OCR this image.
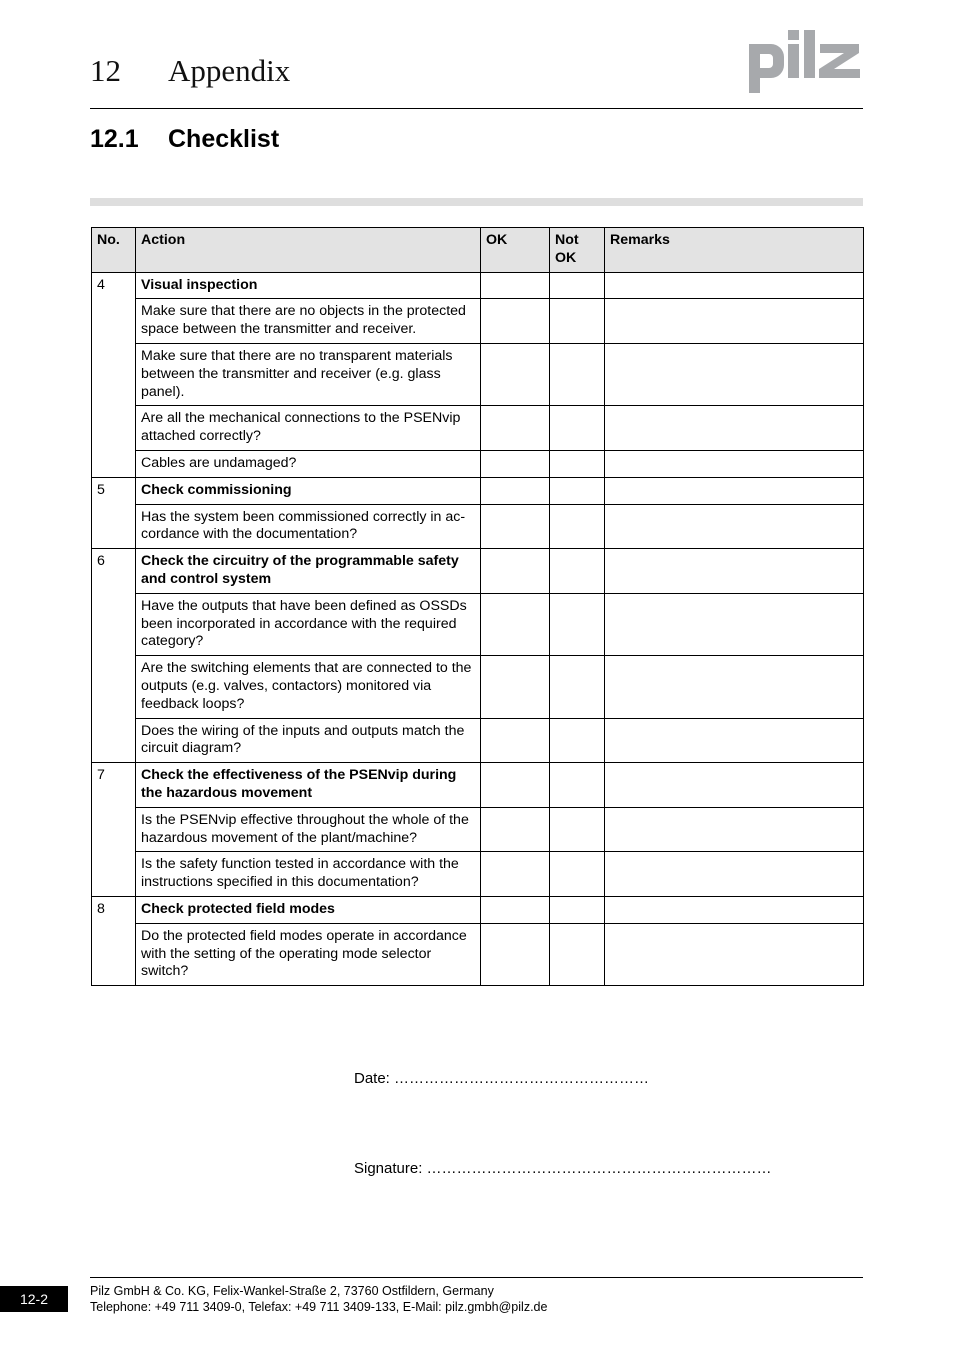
12 Appendix
12.1 Checklist
No.	Action	OK	Not OK	Remarks
4	Visual inspection			
	Make sure that there are no objects in the protected space between the transmitter and receiver.			
	Make sure that there are no transparent materials between the transmitter and receiver (e.g. glass panel).			
	Are all the mechanical connections to the PSENvip attached correctly?			
	Cables are undamaged?			
5	Check commissioning			
	Has the system been commissioned correctly in ac-cordance with the documentation?			
6	Check the circuitry of the programmable safety and control system			
	Have the outputs that have been defined as OSSDs been incorporated in accordance with the required category?			
	Are the switching elements that are connected to the outputs (e.g. valves, contactors) monitored via feedback loops?			
	Does the wiring of the inputs and outputs match the circuit diagram?			
7	Check the effectiveness of the PSENvip during the hazardous movement			
	Is the PSENvip effective throughout the whole of the hazardous movement of the plant/machine?			
	Is the safety function tested in accordance with the instructions specified in this documentation?			
8	Check protected field modes			
	Do the protected field modes operate in accordance with the setting of the operating mode selector switch?			
Date: ……………………………………………
Signature: ……………………………………………………………
12-2	Pilz GmbH & Co. KG, Felix-Wankel-Straße 2, 73760 Ostfildern, Germany
Telephone: +49 711 3409-0, Telefax: +49 711 3409-133, E-Mail: pilz.gmbh@pilz.de
